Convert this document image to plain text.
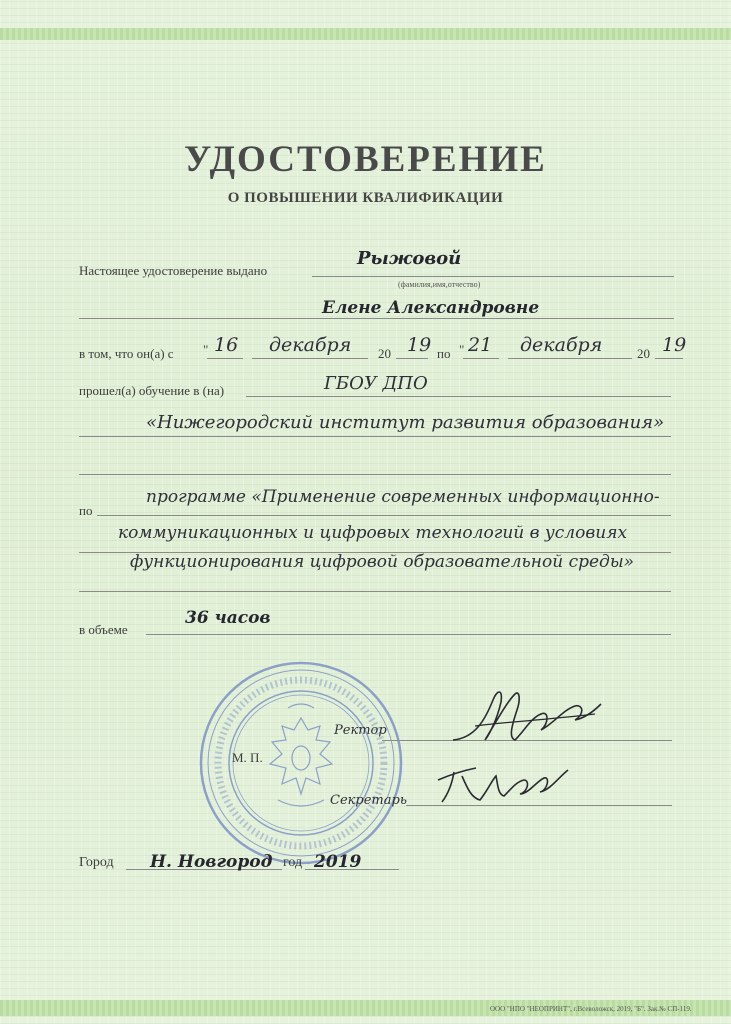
УДОСТОВЕРЕНИЕ
О ПОВЫШЕНИИ КВАЛИФИКАЦИИ
Настоящее удостоверение выдано
Рыжовой
(фамилия,имя,отчество)
Елене Александровне
в том, что он(а) с " 16 декабря 20 19 по " 21 декабря	20 19
прошел(а) обучение в (на)	ГБОУ ДПО
«Нижегородский институт развития образования»
по
программе «Применение современных информационно-
коммуникационных и цифровых технологий в условиях
функционирования цифровой образовательной среды»
в объеме
36 часов
Ректор
М. П.
Секретарь
Город Н. Новгород год 2019
ООО "НПО "НЕОПРИНТ", г.Всеволожск, 2019, "Б". Зак.№ СП-119.
